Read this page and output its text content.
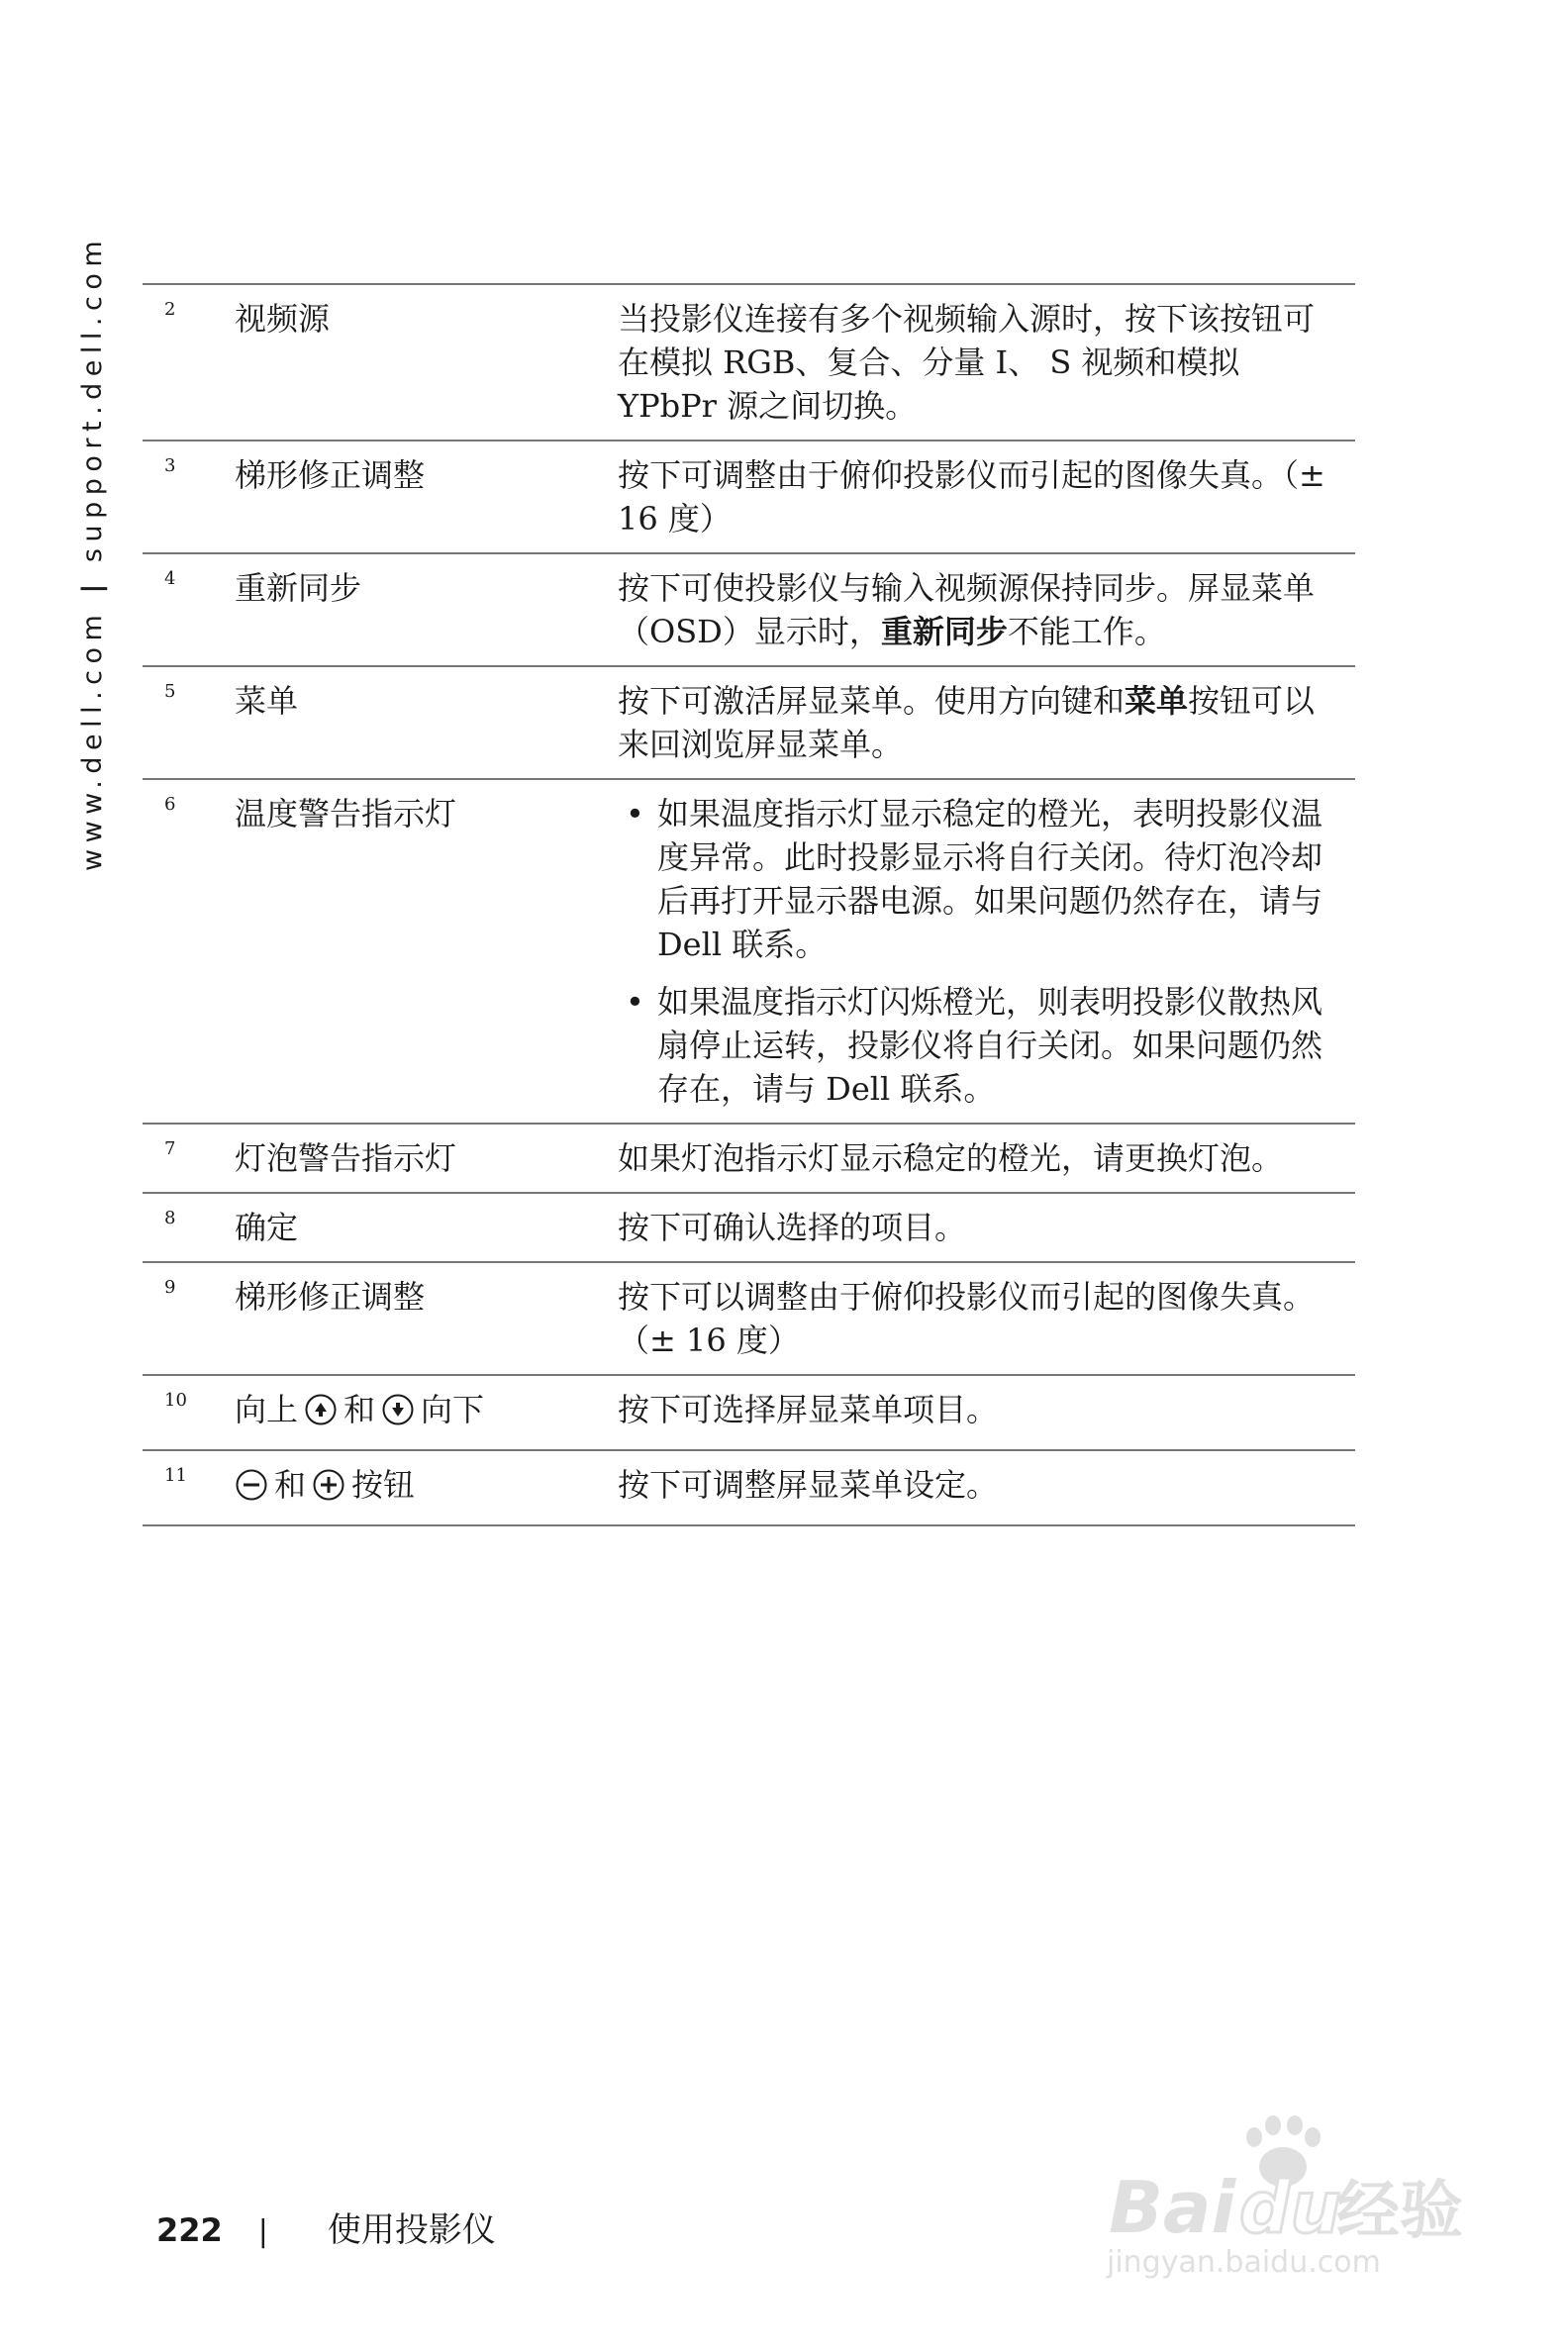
www.dell.com | support.dell.com	2	视频源	当投影仪连接有多个视频输入源时，按下该按钮可在模拟 RGB、复合、分量 I、 S 视频和模拟 YPbPr 源之间切换。
3	梯形修正调整	按下可调整由于俯仰投影仪而引起的图像失真。（± 16 度）
4	重新同步	按下可使投影仪与输入视频源保持同步。屏显菜单 （OSD）显示时，重新同步不能工作。
5	菜单	按下可激活屏显菜单。使用方向键和菜单按钮可以来回浏览屏显菜单。
6	温度警告指示灯	• 如果温度指示灯显示稳定的橙光，表明投影仪温度异常。此时投影显示将自行关闭。待灯泡冷却后再打开显示器电源。如果问题仍然存在，请与 Dell 联系。
• 如果温度指示灯闪烁橙光，则表明投影仪散热风扇停止运转，投影仪将自行关闭。如果问题仍然存在，请与 Dell 联系。
7	灯泡警告指示灯	如果灯泡指示灯显示稳定的橙光，请更换灯泡。
8	确定	按下可确认选择的项目。
9	梯形修正调整	按下可以调整由于俯仰投影仪而引起的图像失真。（± 16 度）
10	向上 和 向下	按下可选择屏显菜单项目。
11	和 按钮	按下可调整屏显菜单设定。
222 | 使用投影仪	Bai du
经验
jingyan.baidu.com
